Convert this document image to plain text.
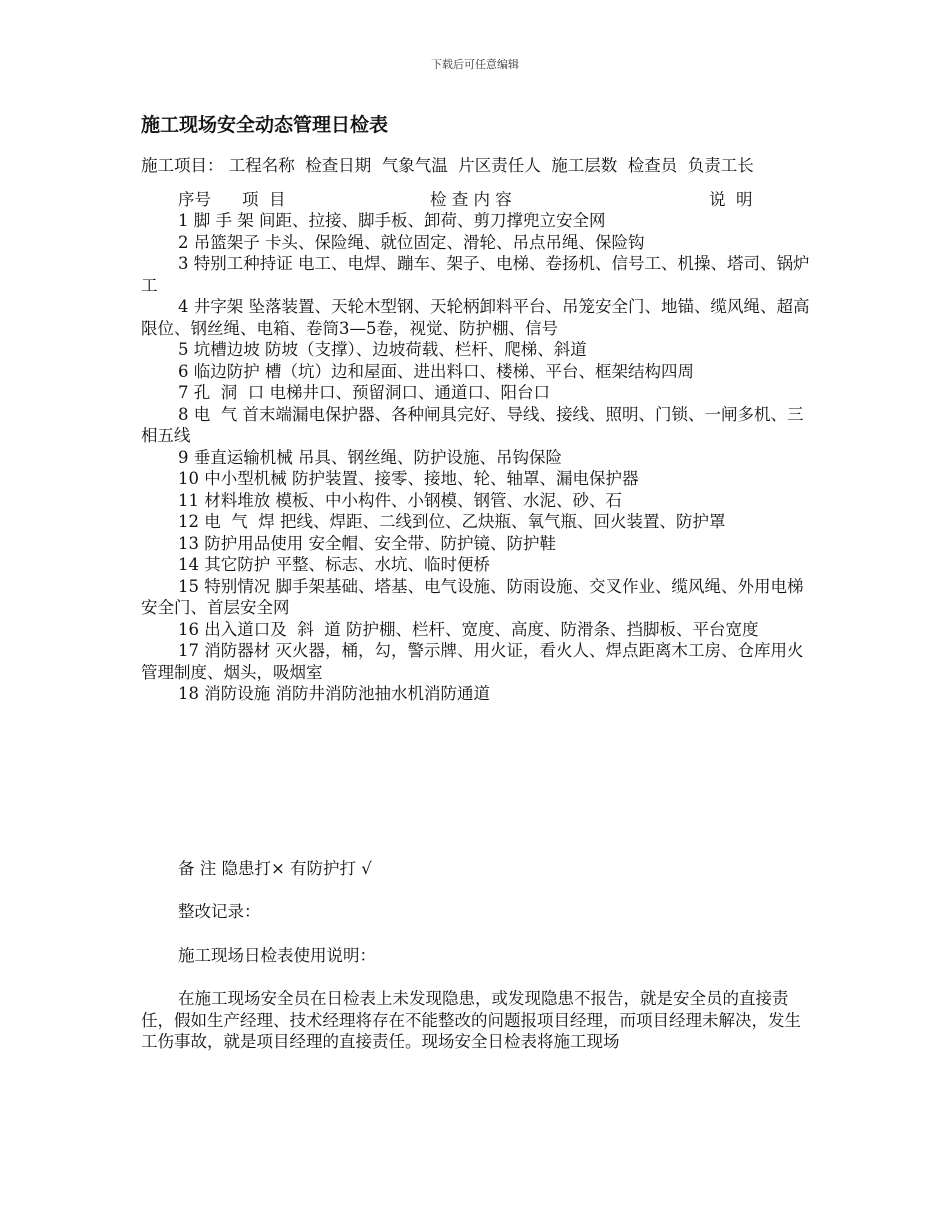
下载后可任意编辑
施工现场安全动态管理日检表

施工项目： 工程名称  检查日期  气象气温  片区责任人  施工层数  检查员  负责工长

序号 项  目	检 查 内 容	说  明

1 脚 手 架 间距、拉接、脚手板、卸荷、剪刀撑兜立安全网

2 吊篮架子 卡头、保险绳、就位固定、滑轮、吊点吊绳、保险钩

3 特别工种持证 电工、电焊、蹦车、架子、电梯、卷扬机、信号工、机操、塔司、锅炉工

4 井字架 坠落装置、天轮木型钢、天轮柄卸料平台、吊笼安全门、地锚、缆风绳、超高限位、钢丝绳、电箱、卷筒3—5卷，视觉、防护棚、信号

5 坑槽边坡 防坡（支撑）、边坡荷载、栏杆、爬梯、斜道

6 临边防护 槽（坑）边和屋面、进出料口、楼梯、平台、框架结构四周

7 孔  洞  口 电梯井口、预留洞口、通道口、阳台口

8 电  气 首末端漏电保护器、各种闸具完好、导线、接线、照明、门锁、一闸多机、三相五线

9 垂直运输机械 吊具、钢丝绳、防护设施、吊钩保险

10 中小型机械 防护装置、接零、接地、轮、轴罩、漏电保护器

11 材料堆放 模板、中小构件、小钢模、钢管、水泥、砂、石

12 电  气  焊 把线、焊距、二线到位、乙炔瓶、氧气瓶、回火装置、防护罩

13 防护用品使用 安全帽、安全带、防护镜、防护鞋

14 其它防护 平整、标志、水坑、临时便桥

15 特别情况 脚手架基础、塔基、电气设施、防雨设施、交叉作业、缆风绳、外用电梯安全门、首层安全网

16 出入道口及  斜  道 防护棚、栏杆、宽度、高度、防滑条、挡脚板、平台宽度

17 消防器材 灭火器，桶，勾，警示牌、用火证，看火人、焊点距离木工房、仓库用火管理制度、烟头，吸烟室

18 消防设施 消防井消防池抽水机消防通道

备 注 隐患打× 有防护打 √

整改记录：

施工现场日检表使用说明：

在施工现场安全员在日检表上未发现隐患，或发现隐患不报告，就是安全员的直接责任，假如生产经理、技术经理将存在不能整改的问题报项目经理，而项目经理未解决，发生工伤事故，就是项目经理的直接责任。现场安全日检表将施工现场
